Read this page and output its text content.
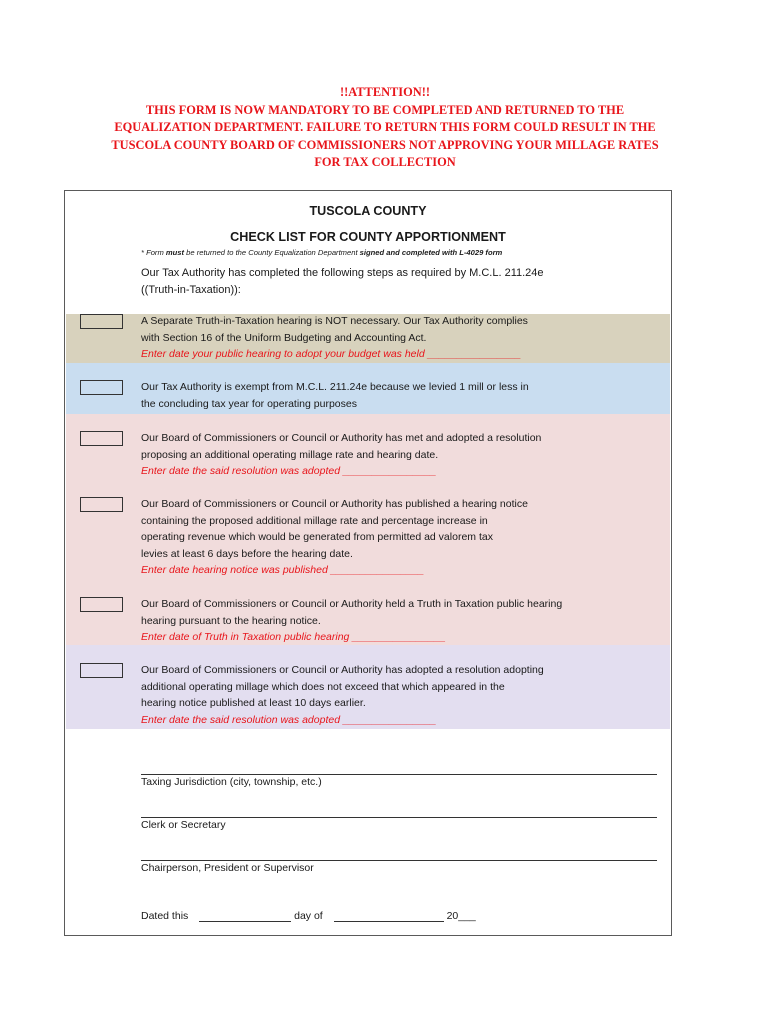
!!ATTENTION!!
THIS FORM IS NOW MANDATORY TO BE COMPLETED AND RETURNED TO THE
EQUALIZATION DEPARTMENT. FAILURE TO RETURN THIS FORM COULD RESULT IN THE
TUSCOLA COUNTY BOARD OF COMMISSIONERS NOT APPROVING YOUR MILLAGE RATES
FOR TAX COLLECTION
TUSCOLA COUNTY
CHECK LIST FOR COUNTY APPORTIONMENT
* Form must be returned to the County Equalization Department signed and completed with L-4029 form
Our Tax Authority has completed the following steps as required by M.C.L. 211.24e
((Truth-in-Taxation)):
A Separate Truth-in-Taxation hearing is NOT necessary. Our Tax Authority complies
with Section 16 of the Uniform Budgeting and Accounting Act.
Enter date your public hearing to adopt your budget was held ________________
Our Tax Authority is exempt from M.C.L. 211.24e because we levied 1 mill or less in
the concluding tax year for operating purposes
Our Board of Commissioners or Council or Authority has met and adopted a resolution
proposing an additional operating millage rate and hearing date.
Enter date the said resolution was adopted ________________
Our Board of Commissioners or Council or Authority has published a hearing notice
containing the proposed additional millage rate and percentage increase in
operating revenue which would be generated from permitted ad valorem tax
levies at least 6 days before the hearing date.
Enter date hearing notice was published ________________
Our Board of Commissioners or Council or Authority held a Truth in Taxation public hearing
hearing pursuant to the hearing notice.
Enter date of Truth in Taxation public hearing ________________
Our Board of Commissioners or Council or Authority has adopted a resolution adopting
additional operating millage which does not exceed that which appeared in the
hearing notice published at least 10 days earlier.
Enter date the said resolution was adopted ________________
Taxing Jurisdiction (city, township, etc.)
Clerk or Secretary
Chairperson, President or Supervisor
Dated this	day of	20___
